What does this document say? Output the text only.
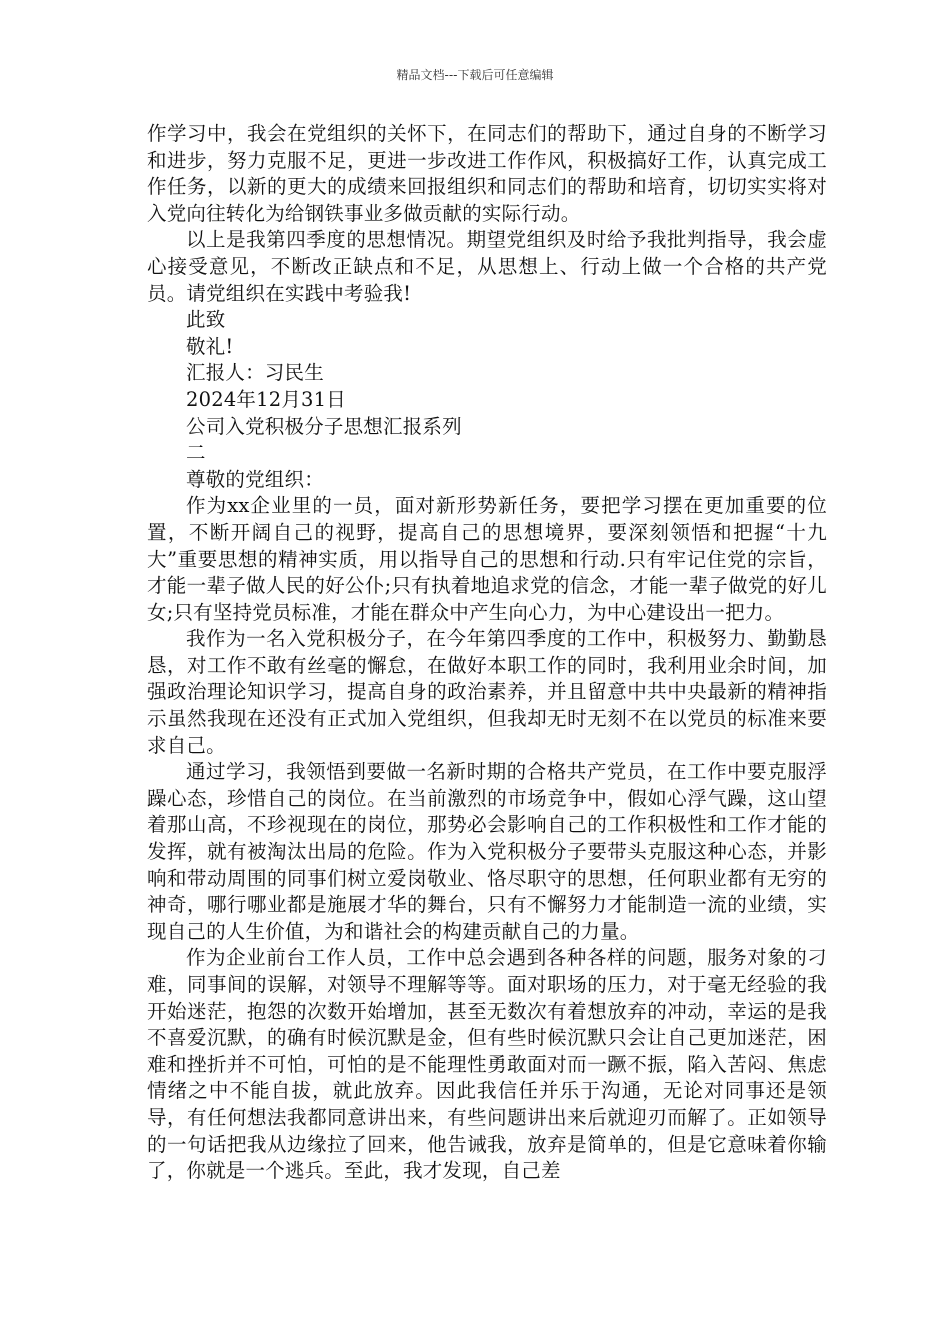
精品文档---下载后可任意编辑

作学习中，我会在党组织的关怀下，在同志们的帮助下，通过自身的不断学习和进步，努力克服不足，更进一步改进工作作风，积极搞好工作，认真完成工作任务，以新的更大的成绩来回报组织和同志们的帮助和培育，切切实实将对入党向往转化为给钢铁事业多做贡献的实际行动。

以上是我第四季度的思想情况。期望党组织及时给予我批判指导，我会虚心接受意见，不断改正缺点和不足，从思想上、行动上做一个合格的共产党员。请党组织在实践中考验我!

此致

敬礼!

汇报人：习民生

2024年12月31日

公司入党积极分子思想汇报系列

二

尊敬的党组织：

作为xx企业里的一员，面对新形势新任务，要把学习摆在更加重要的位置，不断开阔自己的视野，提高自己的思想境界，要深刻领悟和把握“十九大”重要思想的精神实质，用以指导自己的思想和行动.只有牢记住党的宗旨，才能一辈子做人民的好公仆;只有执着地追求党的信念，才能一辈子做党的好儿女;只有坚持党员标准，才能在群众中产生向心力，为中心建设出一把力。

我作为一名入党积极分子，在今年第四季度的工作中，积极努力、勤勤恳恳，对工作不敢有丝毫的懈怠，在做好本职工作的同时，我利用业余时间，加强政治理论知识学习，提高自身的政治素养，并且留意中共中央最新的精神指示虽然我现在还没有正式加入党组织，但我却无时无刻不在以党员的标准来要求自己。

通过学习，我领悟到要做一名新时期的合格共产党员，在工作中要克服浮躁心态，珍惜自己的岗位。在当前激烈的市场竞争中，假如心浮气躁，这山望着那山高，不珍视现在的岗位，那势必会影响自己的工作积极性和工作才能的发挥，就有被淘汰出局的危险。作为入党积极分子要带头克服这种心态，并影响和带动周围的同事们树立爱岗敬业、恪尽职守的思想，任何职业都有无穷的神奇，哪行哪业都是施展才华的舞台，只有不懈努力才能制造一流的业绩，实现自己的人生价值，为和谐社会的构建贡献自己的力量。

作为企业前台工作人员，工作中总会遇到各种各样的问题，服务对象的刁难，同事间的误解，对领导不理解等等。面对职场的压力，对于毫无经验的我开始迷茫，抱怨的次数开始增加，甚至无数次有着想放弃的冲动，幸运的是我不喜爱沉默，的确有时候沉默是金，但有些时候沉默只会让自己更加迷茫，困难和挫折并不可怕，可怕的是不能理性勇敢面对而一蹶不振，陷入苦闷、焦虑情绪之中不能自拔，就此放弃。因此我信任并乐于沟通，无论对同事还是领导，有任何想法我都同意讲出来，有些问题讲出来后就迎刃而解了。正如领导的一句话把我从边缘拉了回来，他告诫我，放弃是简单的，但是它意味着你输了，你就是一个逃兵。至此，我才发现，自己差
